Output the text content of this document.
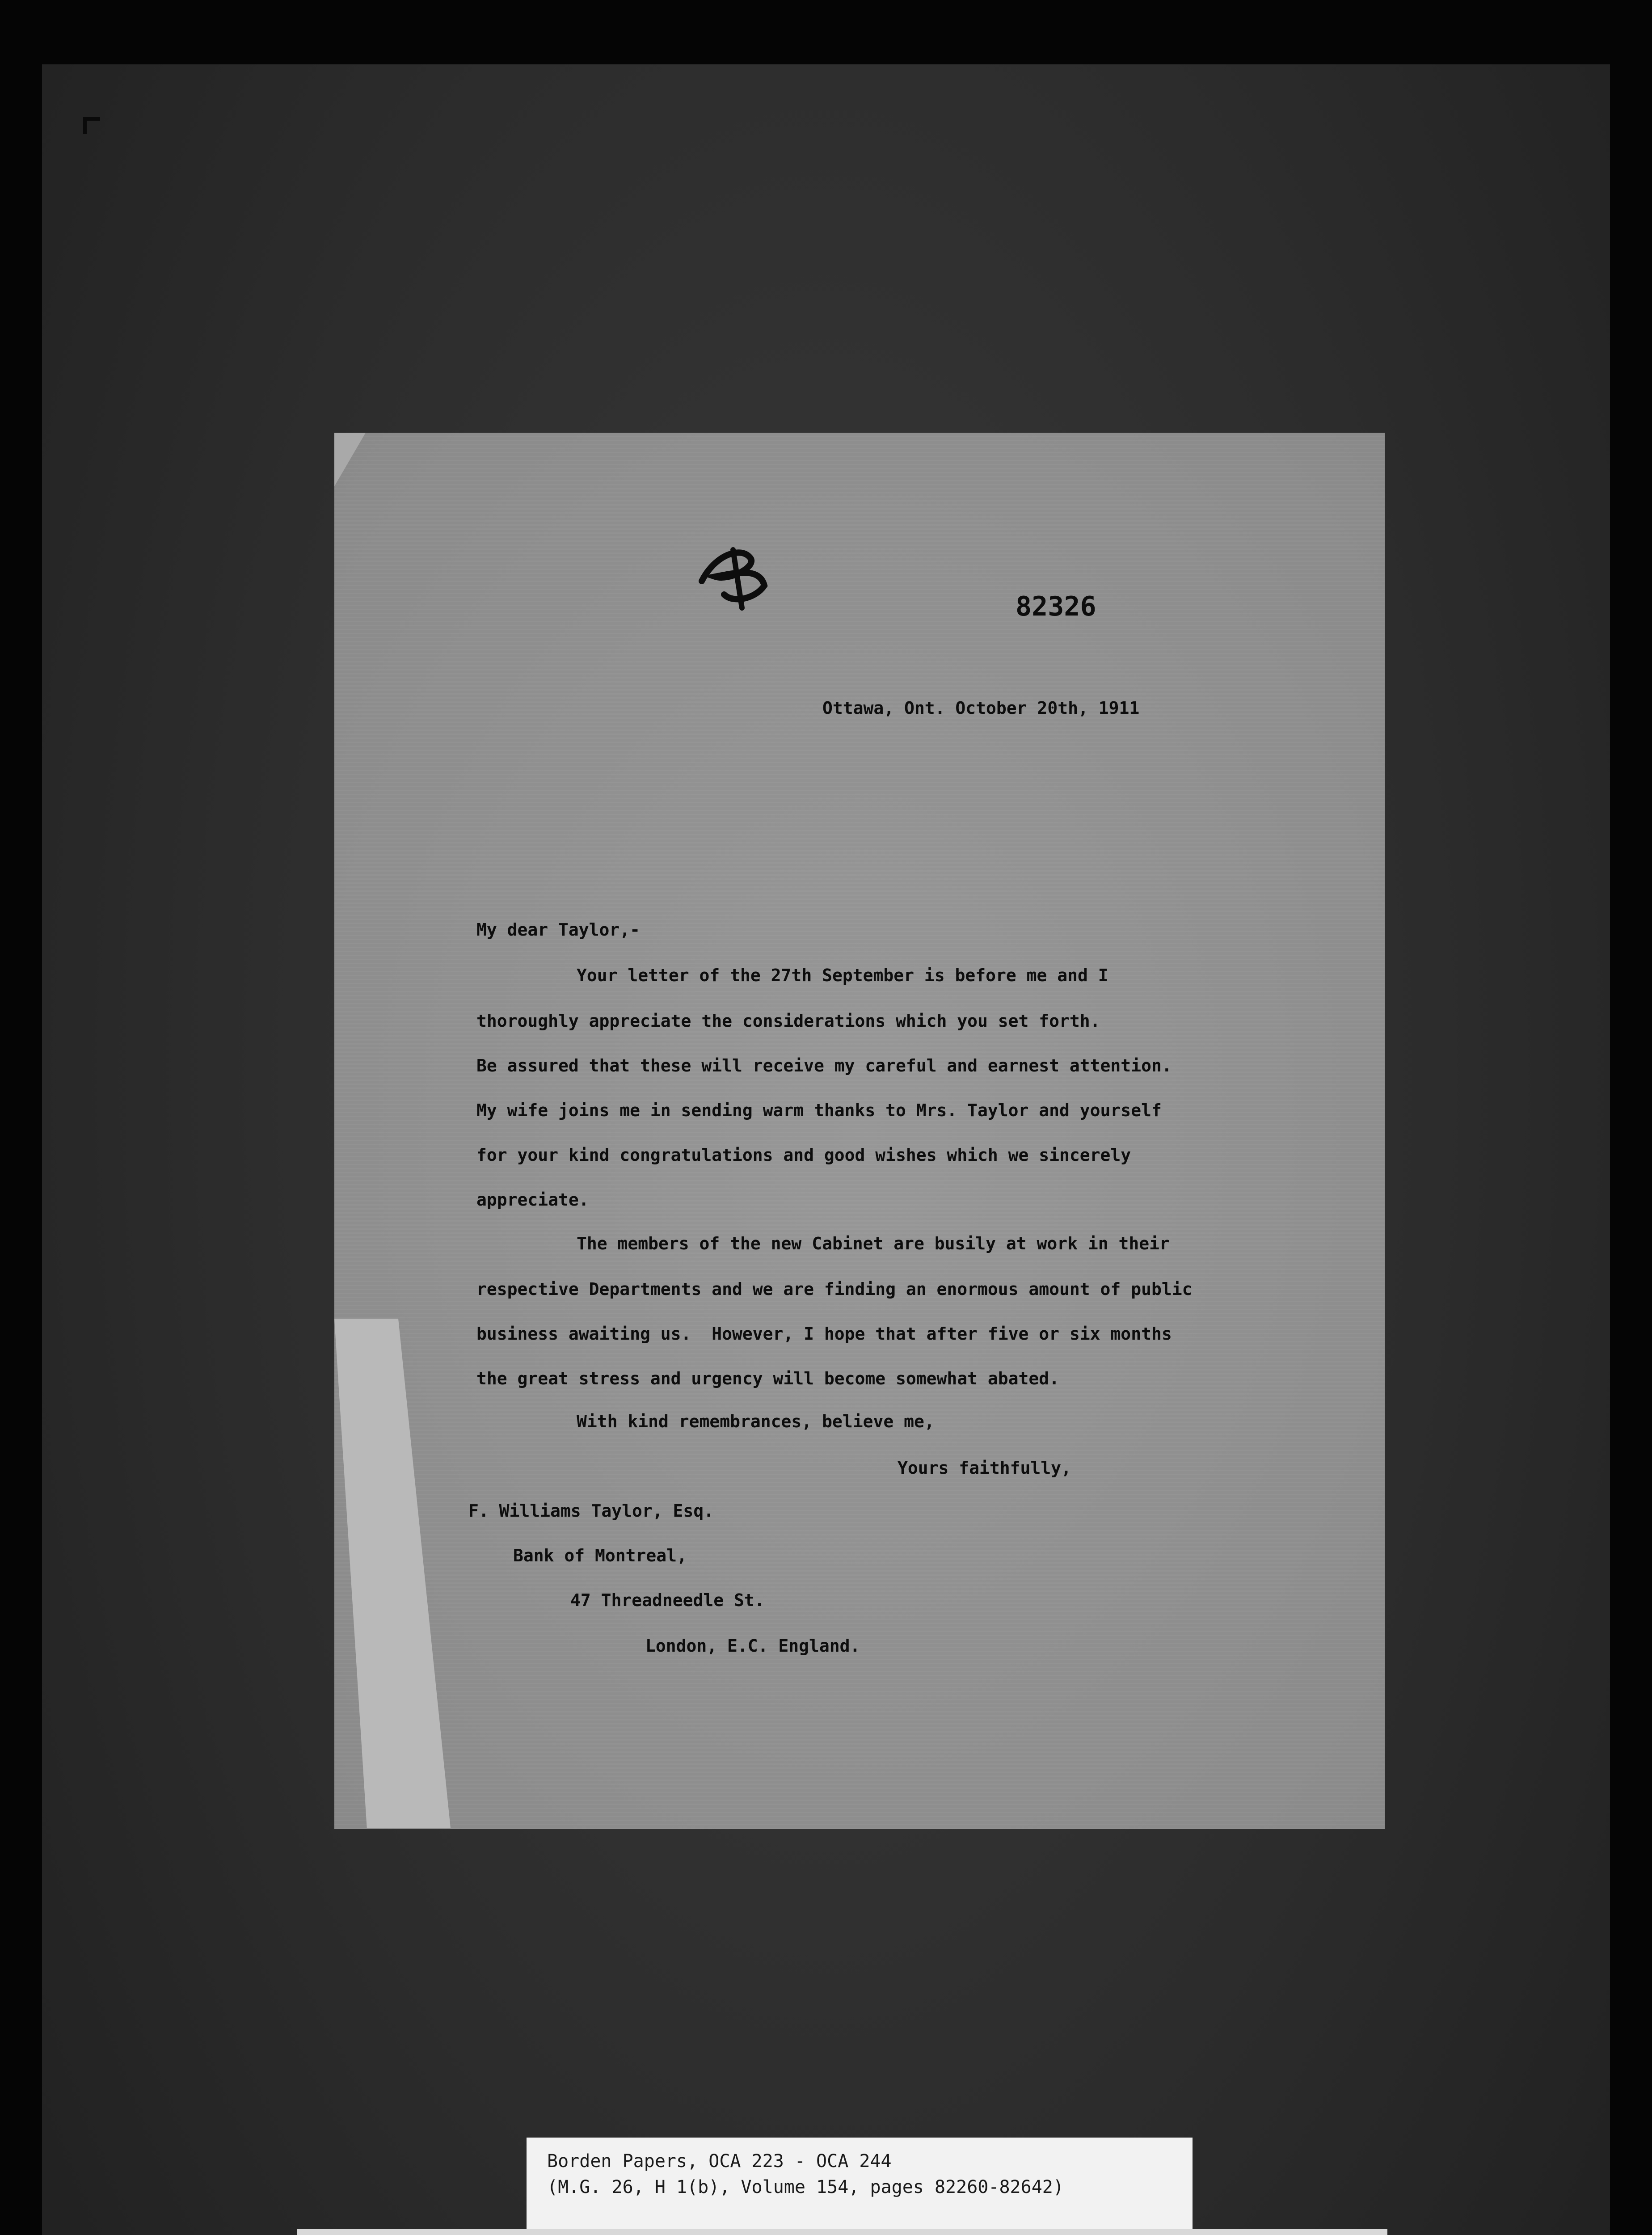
82326
Ottawa, Ont. October 20th, 1911
My dear Taylor,-
Your letter of the 27th September is before me and I
thoroughly appreciate the considerations which you set forth.
Be assured that these will receive my careful and earnest attention.
My wife joins me in sending warm thanks to Mrs. Taylor and yourself
for your kind congratulations and good wishes which we sincerely
appreciate.
The members of the new Cabinet are busily at work in their
respective Departments and we are finding an enormous amount of public
business awaiting us.  However, I hope that after five or six months
the great stress and urgency will become somewhat abated.
With kind remembrances, believe me,
Yours faithfully,
F. Williams Taylor, Esq.
Bank of Montreal,
47 Threadneedle St.
London, E.C. England.
Borden Papers, OCA 223 - OCA 244
(M.G. 26, H 1(b), Volume 154, pages 82260-82642)
